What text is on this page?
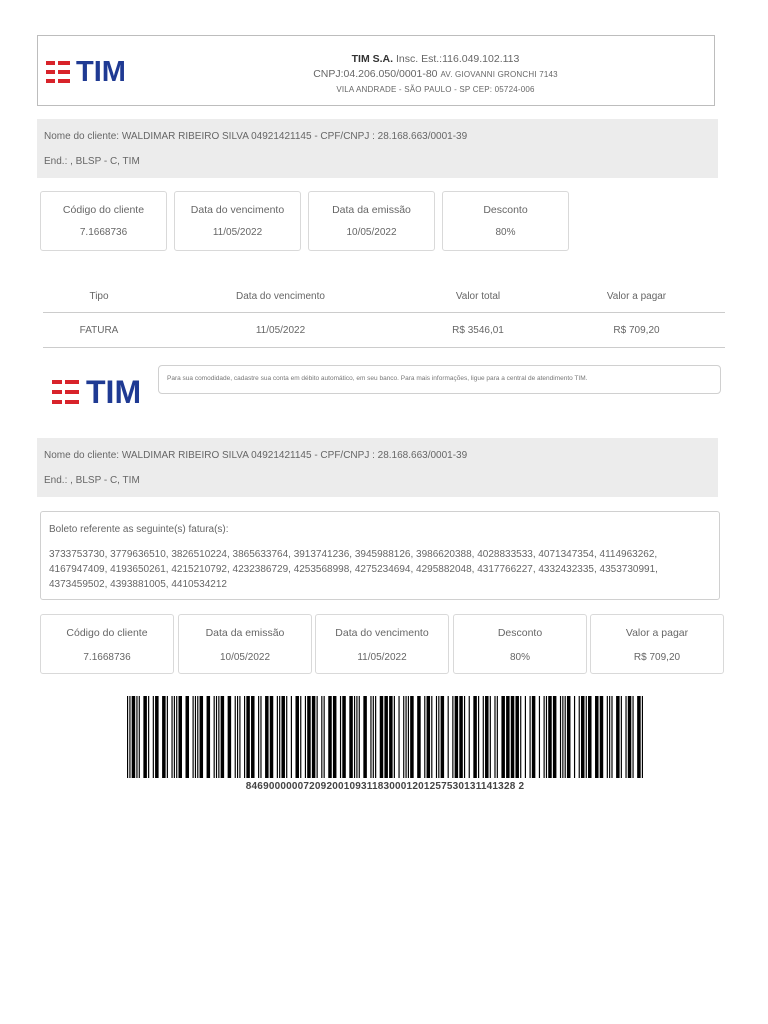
TIM	TIM S.A. Insc. Est.:116.049.102.113
CNPJ:04.206.050/0001-80 AV. GIOVANNI GRONCHI 7143
VILA ANDRADE - SÃO PAULO - SP CEP: 05724-006
Nome do cliente: WALDIMAR RIBEIRO SILVA 04921421145 - CPF/CNPJ : 28.168.663/0001-39
End.: , BLSP - C, TIM
Código do cliente
7.1668736
Data do vencimento
11/05/2022
Data da emissão
10/05/2022
Desconto
80%
Tipo	Data do vencimento	Valor total	Valor a pagar
FATURA	11/05/2022	R$ 3546,01	R$ 709,20
TIM	Para sua comodidade, cadastre sua conta em débito automático, em seu banco. Para mais informações, ligue para a central de atendimento TIM.
Nome do cliente: WALDIMAR RIBEIRO SILVA 04921421145 - CPF/CNPJ : 28.168.663/0001-39
End.: , BLSP - C, TIM
Boleto referente as seguinte(s) fatura(s):
3733753730, 3779636510, 3826510224, 3865633764, 3913741236, 3945988126, 3986620388, 4028833533, 4071347354, 4114963262,
4167947409, 4193650261, 4215210792, 4232386729, 4253568998, 4275234694, 4295882048, 4317766227, 4332432335, 4353730991,
4373459502, 4393881005, 4410534212
Código do cliente
7.1668736
Data da emissão
10/05/2022
Data do vencimento
11/05/2022
Desconto
80%
Valor a pagar
R$ 709,20
84690000007209200109311830001201257530131141328 2
